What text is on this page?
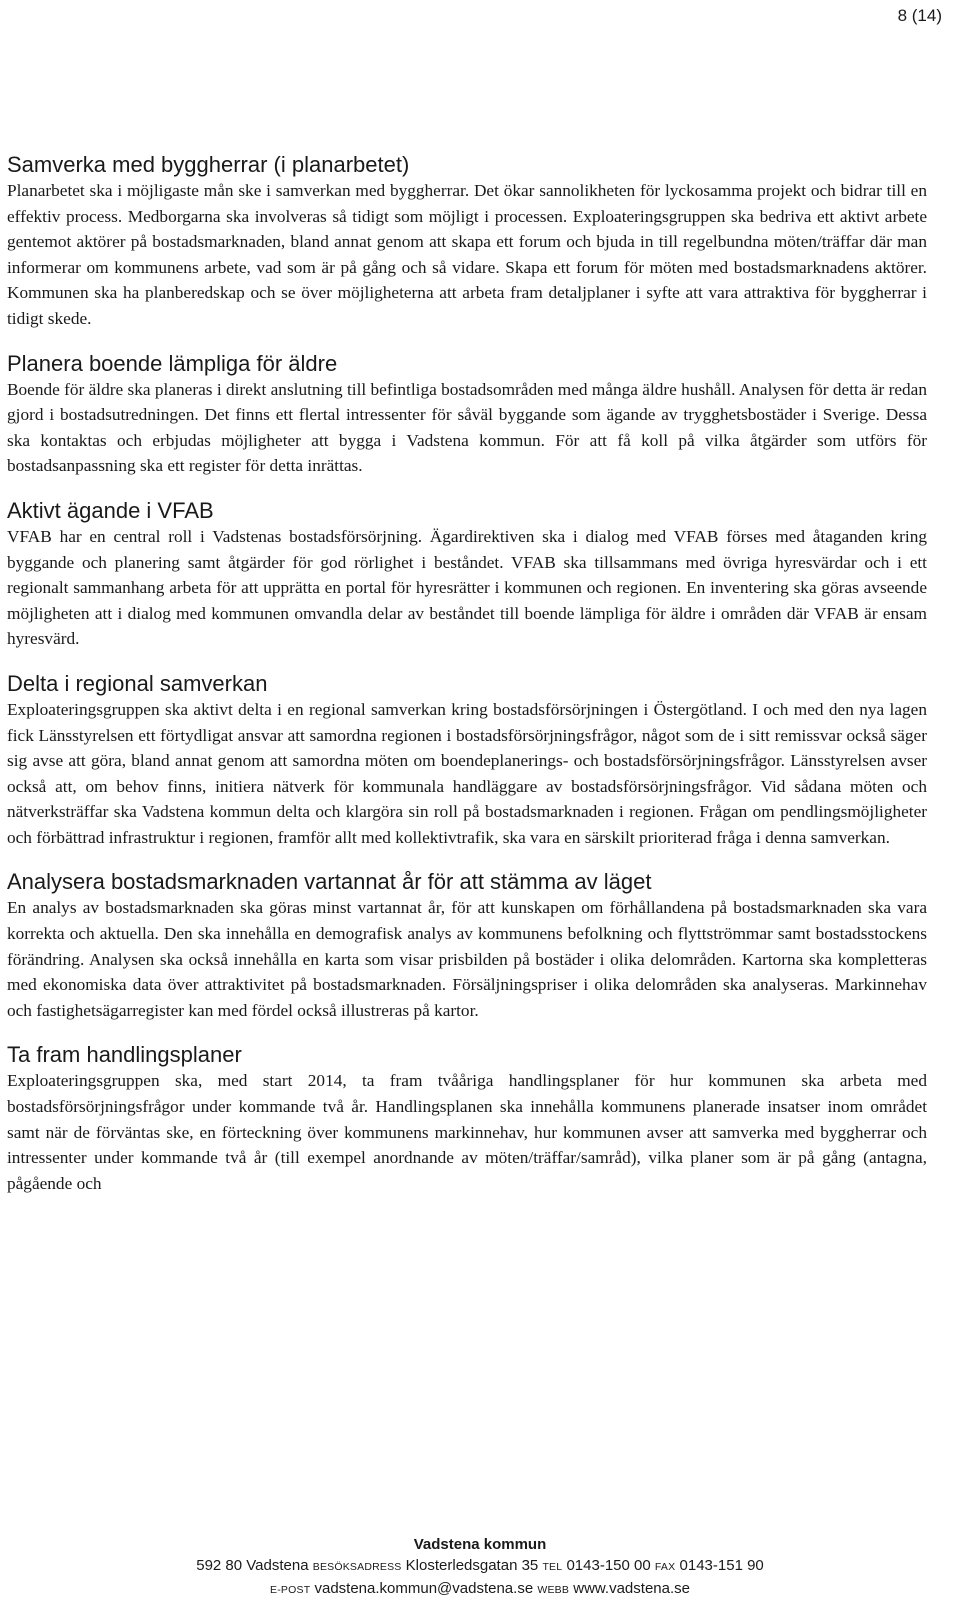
8 (14)
Samverka med byggherrar (i planarbetet)

Planarbetet ska i möjligaste mån ske i samverkan med byggherrar. Det ökar sannolikheten för lyckosamma projekt och bidrar till en effektiv process. Medborgarna ska involveras så tidigt som möjligt i processen. Exploateringsgruppen ska bedriva ett aktivt arbete gentemot aktörer på bostadsmarknaden, bland annat genom att skapa ett forum och bjuda in till regelbundna möten/träffar där man informerar om kommunens arbete, vad som är på gång och så vidare. Skapa ett forum för möten med bostadsmarknadens aktörer. Kommunen ska ha planberedskap och se över möjligheterna att arbeta fram detaljplaner i syfte att vara attraktiva för byggherrar i tidigt skede.

Planera boende lämpliga för äldre

Boende för äldre ska planeras i direkt anslutning till befintliga bostadsområden med många äldre hushåll. Analysen för detta är redan gjord i bostadsutredningen. Det finns ett flertal intressenter för såväl byggande som ägande av trygghetsbostäder i Sverige. Dessa ska kontaktas och erbjudas möjligheter att bygga i Vadstena kommun. För att få koll på vilka åtgärder som utförs för bostadsanpassning ska ett register för detta inrättas.

Aktivt ägande i VFAB

VFAB har en central roll i Vadstenas bostadsförsörjning. Ägardirektiven ska i dialog med VFAB förses med åtaganden kring byggande och planering samt åtgärder för god rörlighet i beståndet. VFAB ska tillsammans med övriga hyresvärdar och i ett regionalt sammanhang arbeta för att upprätta en portal för hyresrätter i kommunen och regionen. En inventering ska göras avseende möjligheten att i dialog med kommunen omvandla delar av beståndet till boende lämpliga för äldre i områden där VFAB är ensam hyresvärd.

Delta i regional samverkan

Exploateringsgruppen ska aktivt delta i en regional samverkan kring bostadsförsörjningen i Östergötland. I och med den nya lagen fick Länsstyrelsen ett förtydligat ansvar att samordna regionen i bostadsförsörjningsfrågor, något som de i sitt remissvar också säger sig avse att göra, bland annat genom att samordna möten om boendeplanerings- och bostadsförsörjningsfrågor. Länsstyrelsen avser också att, om behov finns, initiera nätverk för kommunala handläggare av bostadsförsörjningsfrågor. Vid sådana möten och nätverksträffar ska Vadstena kommun delta och klargöra sin roll på bostadsmarknaden i regionen. Frågan om pendlingsmöjligheter och förbättrad infrastruktur i regionen, framför allt med kollektivtrafik, ska vara en särskilt prioriterad fråga i denna samverkan.

Analysera bostadsmarknaden vartannat år för att stämma av läget

En analys av bostadsmarknaden ska göras minst vartannat år, för att kunskapen om förhållandena på bostadsmarknaden ska vara korrekta och aktuella. Den ska innehålla en demografisk analys av kommunens befolkning och flyttströmmar samt bostadsstockens förändring. Analysen ska också innehålla en karta som visar prisbilden på bostäder i olika delområden. Kartorna ska kompletteras med ekonomiska data över attraktivitet på bostadsmarknaden. Försäljningspriser i olika delområden ska analyseras. Markinnehav och fastighetsägarregister kan med fördel också illustreras på kartor.

Ta fram handlingsplaner

Exploateringsgruppen ska, med start 2014, ta fram tvååriga handlingsplaner för hur kommunen ska arbeta med bostadsförsörjningsfrågor under kommande två år. Handlingsplanen ska innehålla kommunens planerade insatser inom området samt när de förväntas ske, en förteckning över kommunens markinnehav, hur kommunen avser att samverka med byggherrar och intressenter under kommande två år (till exempel anordnande av möten/träffar/samråd), vilka planer som är på gång (antagna, pågående och

Vadstena kommun
592 80 Vadstena BESÖKSADRESS Klosterledsgatan 35 TEL 0143-150 00 FAX 0143-151 90
E-POST vadstena.kommun@vadstena.se WEBB www.vadstena.se
